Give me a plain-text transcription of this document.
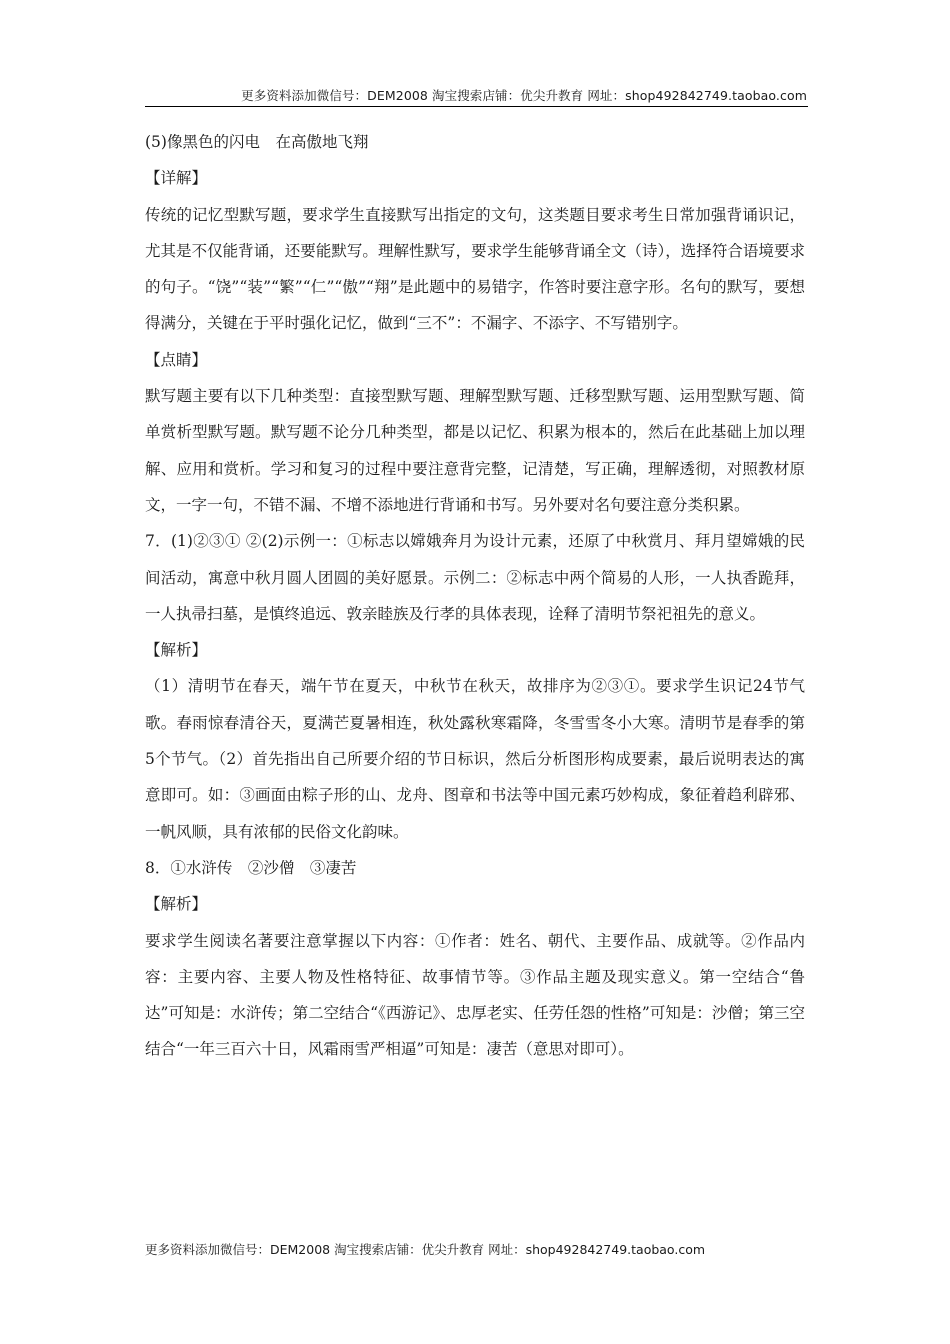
更多资料添加微信号：DEM2008 淘宝搜索店铺：优尖升教育 网址：shop492842749.taobao.com

(5)像黑色的闪电　在高傲地飞翔

【详解】

传统的记忆型默写题，要求学生直接默写出指定的文句，这类题目要求考生日常加强背诵识记，尤其是不仅能背诵，还要能默写。理解性默写，要求学生能够背诵全文（诗），选择符合语境要求的句子。“饶”“装”“繁”“仁”“傲”“翔”是此题中的易错字，作答时要注意字形。名句的默写，要想得满分，关键在于平时强化记忆，做到“三不”：不漏字、不添字、不写错别字。

【点睛】

默写题主要有以下几种类型：直接型默写题、理解型默写题、迁移型默写题、运用型默写题、简单赏析型默写题。默写题不论分几种类型，都是以记忆、积累为根本的，然后在此基础上加以理解、应用和赏析。学习和复习的过程中要注意背完整，记清楚，写正确，理解透彻，对照教材原文，一字一句，不错不漏、不增不添地进行背诵和书写。另外要对名句要注意分类积累。

7．(1)②③① ②(2)示例一：①标志以嫦娥奔月为设计元素，还原了中秋赏月、拜月望嫦娥的民间活动，寓意中秋月圆人团圆的美好愿景。示例二：②标志中两个简易的人形，一人执香跪拜，一人执帚扫墓，是慎终追远、敦亲睦族及行孝的具体表现，诠释了清明节祭祀祖先的意义。

【解析】

（1）清明节在春天，端午节在夏天，中秋节在秋天，故排序为②③①。要求学生识记24节气歌。春雨惊春清谷天，夏满芒夏暑相连，秋处露秋寒霜降，冬雪雪冬小大寒。清明节是春季的第5个节气。（2）首先指出自己所要介绍的节日标识，然后分析图形构成要素，最后说明表达的寓意即可。如：③画面由粽子形的山、龙舟、图章和书法等中国元素巧妙构成，象征着趋利辟邪、一帆风顺，具有浓郁的民俗文化韵味。

8．①水浒传　②沙僧　③凄苦

【解析】

要求学生阅读名著要注意掌握以下内容：①作者：姓名、朝代、主要作品、成就等。②作品内容：主要内容、主要人物及性格特征、故事情节等。③作品主题及现实意义。第一空结合“鲁达”可知是：水浒传；第二空结合“《西游记》、忠厚老实、任劳任怨的性格”可知是：沙僧；第三空结合“一年三百六十日，风霜雨雪严相逼”可知是：凄苦（意思对即可）。

更多资料添加微信号：DEM2008 淘宝搜索店铺：优尖升教育 网址：shop492842749.taobao.com
